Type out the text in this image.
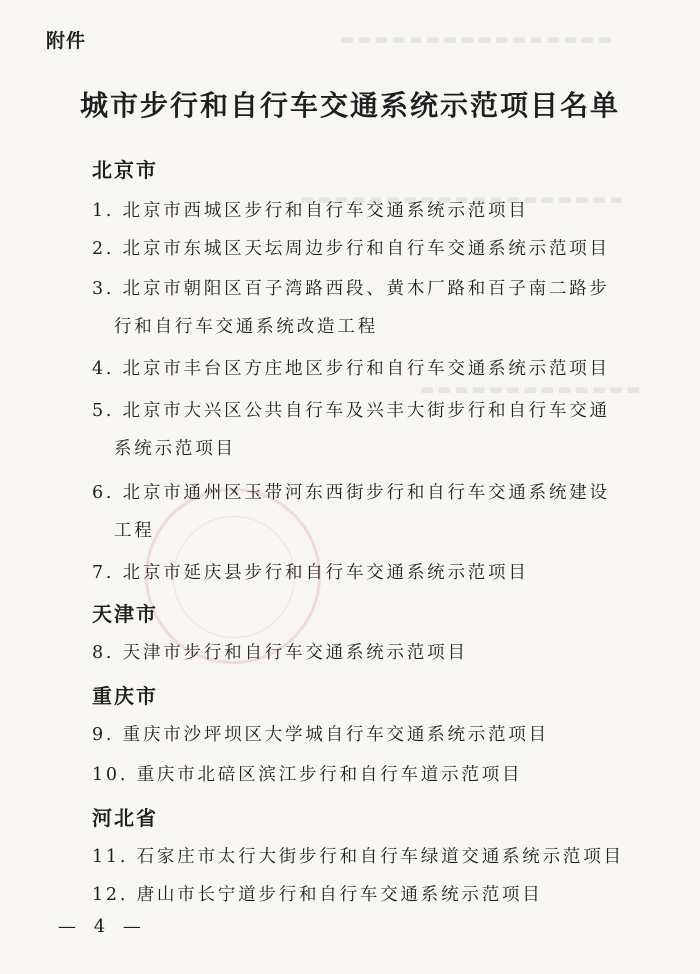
▬▬▬▬▬▬▬▬▬▬▬▬▬▬▬▬
▬▬▬▬▬▬▬▬▬▬▬▬▬▬▬▬▬▬▬
▬▬▬▬▬▬▬▬▬▬▬▬▬
附件
城市步行和自行车交通系统示范项目名单
北京市
1. 北京市西城区步行和自行车交通系统示范项目
2. 北京市东城区天坛周边步行和自行车交通系统示范项目
3. 北京市朝阳区百子湾路西段、黄木厂路和百子南二路步
行和自行车交通系统改造工程
4. 北京市丰台区方庄地区步行和自行车交通系统示范项目
5. 北京市大兴区公共自行车及兴丰大街步行和自行车交通
系统示范项目
6. 北京市通州区玉带河东西街步行和自行车交通系统建设
工程
7. 北京市延庆县步行和自行车交通系统示范项目
天津市
8. 天津市步行和自行车交通系统示范项目
重庆市
9. 重庆市沙坪坝区大学城自行车交通系统示范项目
10. 重庆市北碚区滨江步行和自行车道示范项目
河北省
11. 石家庄市太行大街步行和自行车绿道交通系统示范项目
12. 唐山市长宁道步行和自行车交通系统示范项目
— 4 —
